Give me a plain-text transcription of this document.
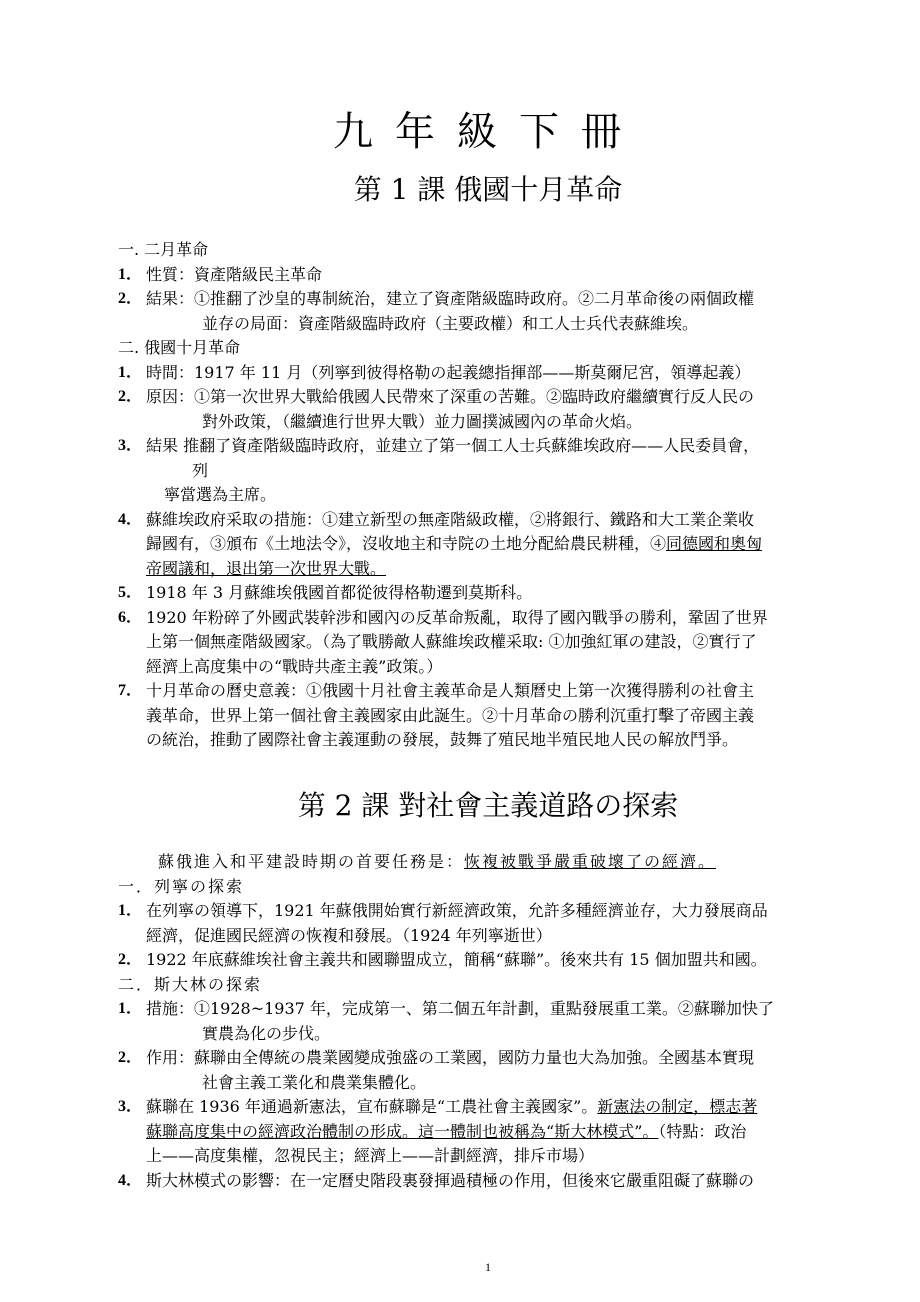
九年級下冊
第 1 課 俄國十月革命
一. 二月革命
1． 性質：資產階級民主革命
2． 結果：①推翻了沙皇的專制統治，建立了資產階級臨時政府。②二月革命後の兩個政權
並存の局面：資產階級臨時政府（主要政權）和工人士兵代表蘇維埃。
二. 俄國十月革命
1． 時間：1917 年 11 月（列寧到彼得格勒の起義總指揮部——斯莫爾尼宮，領導起義）
2． 原因：①第一次世界大戰給俄國人民帶來了深重の苦難。②臨時政府繼續實行反人民の
對外政策，（繼續進行世界大戰）並力圖撲滅國內の革命火焰。
3． 結果 推翻了資產階級臨時政府，並建立了第一個工人士兵蘇維埃政府——人民委員會，
列
寧當選為主席。
4． 蘇維埃政府采取の措施：①建立新型の無產階級政權，②將銀行、鐵路和大工業企業收
歸國有，③頒布《土地法令》，沒收地主和寺院の土地分配給農民耕種，④同德國和奧匈
帝國議和，退出第一次世界大戰。
5． 1918 年 3 月蘇維埃俄國首都從彼得格勒遷到莫斯科。
6． 1920 年粉碎了外國武裝幹涉和國內の反革命叛亂，取得了國內戰爭の勝利，鞏固了世界
上第一個無產階級國家。（為了戰勝敵人蘇維埃政權采取: ①加強紅軍の建設，②實行了
經濟上高度集中の“戰時共產主義”政策。）
7． 十月革命の曆史意義：①俄國十月社會主義革命是人類曆史上第一次獲得勝利の社會主
義革命，世界上第一個社會主義國家由此誕生。②十月革命の勝利沉重打擊了帝國主義
の統治，推動了國際社會主義運動の發展，鼓舞了殖民地半殖民地人民の解放鬥爭。
第 2 課 對社會主義道路の探索
蘇俄進入和平建設時期の首要任務是：恢複被戰爭嚴重破壞了の經濟。
一．列寧の探索
1． 在列寧の領導下，1921 年蘇俄開始實行新經濟政策，允許多種經濟並存，大力發展商品
經濟，促進國民經濟の恢複和發展。（1924 年列寧逝世）
2． 1922 年底蘇維埃社會主義共和國聯盟成立，簡稱“蘇聯”。後來共有 15 個加盟共和國。
二．斯大林の探索
1． 措施：①1928~1937 年，完成第一、第二個五年計劃，重點發展重工業。②蘇聯加快了
實農為化の步伐。
2． 作用：蘇聯由全傳統の農業國變成強盛の工業國，國防力量也大為加強。全國基本實現
社會主義工業化和農業集體化。
3． 蘇聯在 1936 年通過新憲法，宣布蘇聯是“工農社會主義國家”。新憲法の制定，標志著
蘇聯高度集中の經濟政治體制の形成。這一體制也被稱為“斯大林模式”。（特點：政治
上——高度集權，忽視民主；經濟上——計劃經濟，排斥市場）
4． 斯大林模式の影響：在一定曆史階段裏發揮過積極の作用，但後來它嚴重阻礙了蘇聯の
1
